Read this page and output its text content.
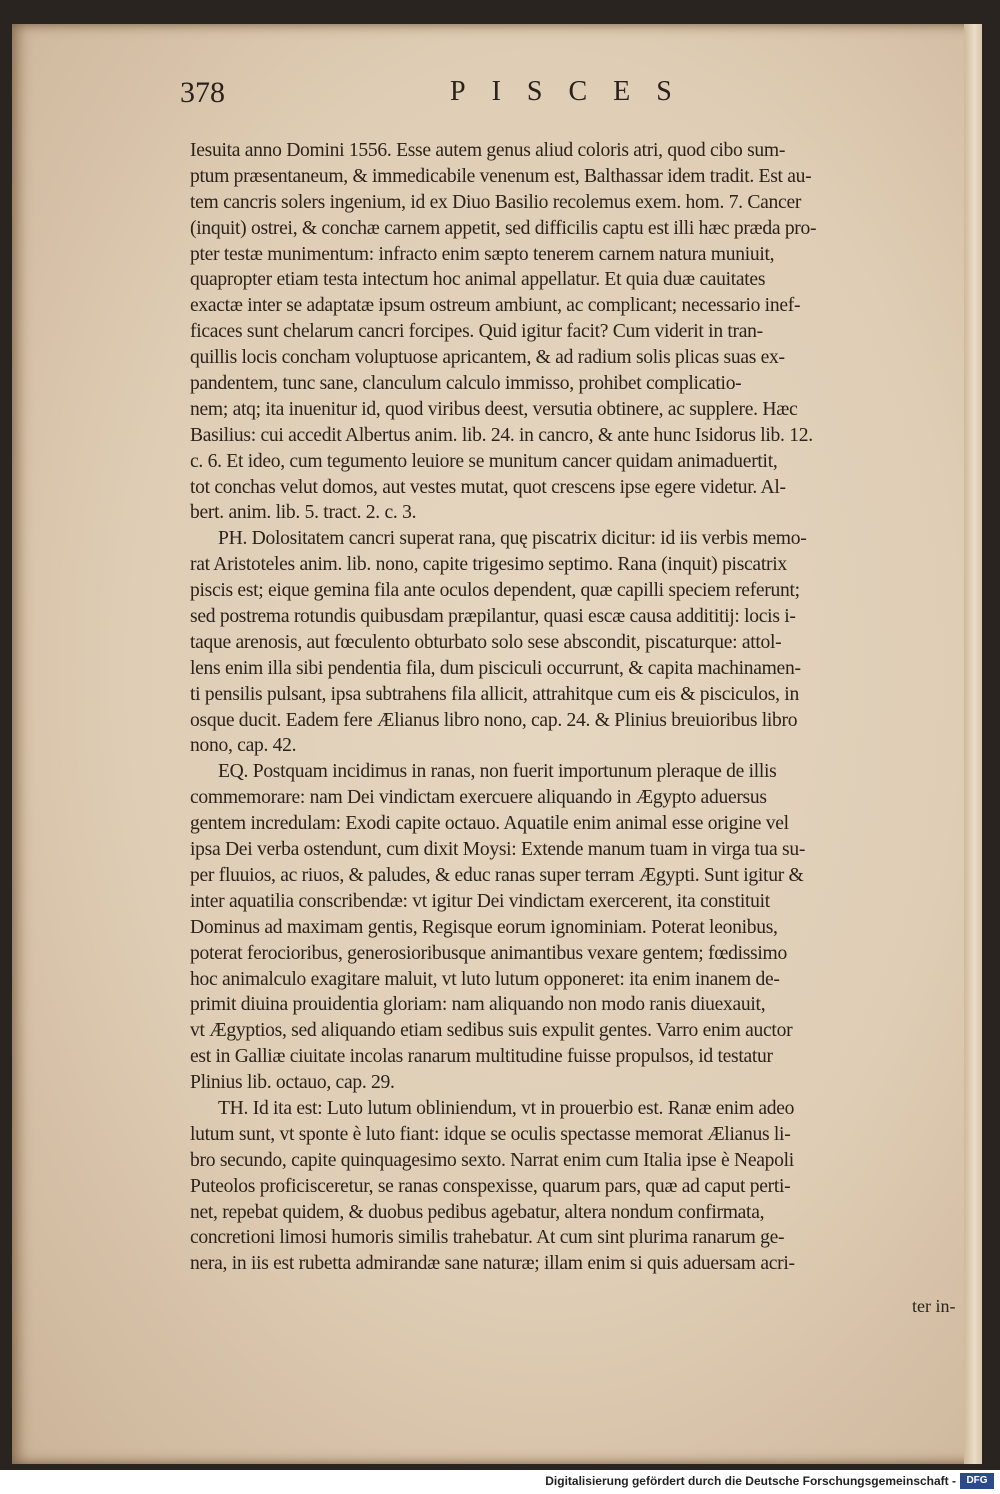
378	PISCES
Iesuita anno Domini 1556. Esse autem genus aliud coloris atri, quod cibo sum-
ptum præsentaneum, & immedicabile venenum est, Balthassar idem tradit. Est au-
tem cancris solers ingenium, id ex Diuo Basilio recolemus exem. hom. 7. Cancer
(inquit) ostrei, & conchæ carnem appetit, sed difficilis captu est illi hæc præda pro-
pter testæ munimentum: infracto enim sæpto tenerem carnem natura muniuit,
quapropter etiam testa intectum hoc animal appellatur. Et quia duæ cauitates
exactæ inter se adaptatæ ipsum ostreum ambiunt, ac complicant; necessario inef-
ficaces sunt chelarum cancri forcipes. Quid igitur facit? Cum viderit in tran-
quillis locis concham voluptuose apricantem, & ad radium solis plicas suas ex-
pandentem, tunc sane, clanculum calculo immisso, prohibet complicatio-
nem; atq; ita inuenitur id, quod viribus deest, versutia obtinere, ac supplere. Hæc
Basilius: cui accedit Albertus anim. lib. 24. in cancro, & ante hunc Isidorus lib. 12.
c. 6. Et ideo, cum tegumento leuiore se munitum cancer quidam animaduertit,
tot conchas velut domos, aut vestes mutat, quot crescens ipse egere videtur. Al-
bert. anim. lib. 5. tract. 2. c. 3.
PH. Dolositatem cancri superat rana, quę piscatrix dicitur: id iis verbis memo-
rat Aristoteles anim. lib. nono, capite trigesimo septimo. Rana (inquit) piscatrix
piscis est; eique gemina fila ante oculos dependent, quæ capilli speciem referunt;
sed postrema rotundis quibusdam præpilantur, quasi escæ causa addititij: locis i-
taque arenosis, aut fœculento obturbato solo sese abscondit, piscaturque: attol-
lens enim illa sibi pendentia fila, dum pisciculi occurrunt, & capita machinamen-
ti pensilis pulsant, ipsa subtrahens fila allicit, attrahitque cum eis & pisciculos, in
osque ducit. Eadem fere Ælianus libro nono, cap. 24. & Plinius breuioribus libro
nono, cap. 42.
EQ. Postquam incidimus in ranas, non fuerit importunum pleraque de illis
commemorare: nam Dei vindictam exercuere aliquando in Ægypto aduersus
gentem incredulam: Exodi capite octauo. Aquatile enim animal esse origine vel
ipsa Dei verba ostendunt, cum dixit Moysi: Extende manum tuam in virga tua su-
per fluuios, ac riuos, & paludes, & educ ranas super terram Ægypti. Sunt igitur &
inter aquatilia conscribendæ: vt igitur Dei vindictam exercerent, ita constituit
Dominus ad maximam gentis, Regisque eorum ignominiam. Poterat leonibus,
poterat ferocioribus, generosioribusque animantibus vexare gentem; fœdissimo
hoc animalculo exagitare maluit, vt luto lutum opponeret: ita enim inanem de-
primit diuina prouidentia gloriam: nam aliquando non modo ranis diuexauit,
vt Ægyptios, sed aliquando etiam sedibus suis expulit gentes. Varro enim auctor
est in Galliæ ciuitate incolas ranarum multitudine fuisse propulsos, id testatur
Plinius lib. octauo, cap. 29.
TH. Id ita est: Luto lutum obliniendum, vt in prouerbio est. Ranæ enim adeo
lutum sunt, vt sponte è luto fiant: idque se oculis spectasse memorat Ælianus li-
bro secundo, capite quinquagesimo sexto. Narrat enim cum Italia ipse è Neapoli
Puteolos proficisceretur, se ranas conspexisse, quarum pars, quæ ad caput perti-
net, repebat quidem, & duobus pedibus agebatur, altera nondum confirmata,
concretioni limosi humoris similis trahebatur. At cum sint plurima ranarum ge-
nera, in iis est rubetta admirandæ sane naturæ; illam enim si quis aduersam acri-
ter in-
Digitalisierung gefördert durch die Deutsche Forschungsgemeinschaft -	DFG
